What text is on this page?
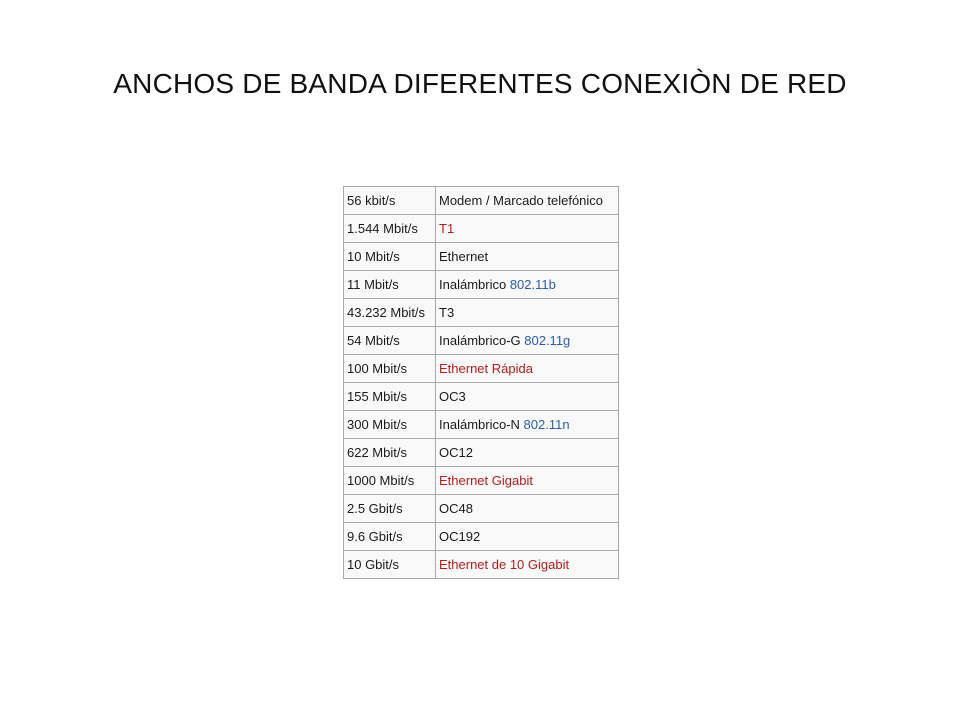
ANCHOS DE BANDA DIFERENTES CONEXIÒN DE RED
56 kbit/s	Modem / Marcado telefónico
1.544 Mbit/s	T1
10 Mbit/s	Ethernet
11 Mbit/s	Inalámbrico 802.11b
43.232 Mbit/s	T3
54 Mbit/s	Inalámbrico-G 802.11g
100 Mbit/s	Ethernet Rápida
155 Mbit/s	OC3
300 Mbit/s	Inalámbrico-N 802.11n
622 Mbit/s	OC12
1000 Mbit/s	Ethernet Gigabit
2.5 Gbit/s	OC48
9.6 Gbit/s	OC192
10 Gbit/s	Ethernet de 10 Gigabit
